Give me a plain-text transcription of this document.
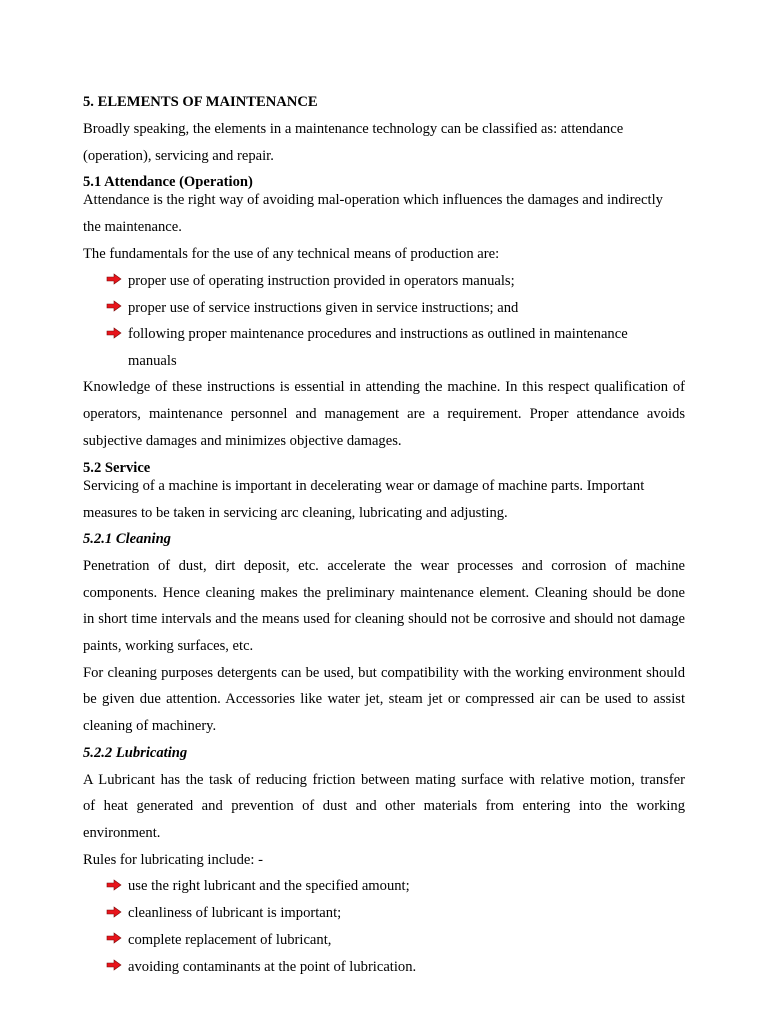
5. ELEMENTS OF MAINTENANCE
Broadly speaking, the elements in a maintenance technology can be classified as: attendance
(operation), servicing and repair.
5.1 Attendance (Operation)
Attendance is the right way of avoiding mal-operation which influences the damages and indirectly
the maintenance.
The fundamentals for the use of any technical means of production are:
proper use of operating instruction provided in operators manuals;
proper use of service instructions given in service instructions; and
following proper maintenance procedures and instructions as outlined in maintenance
manuals
Knowledge of these instructions is essential in attending the machine. In this respect qualification of
operators, maintenance personnel and management are a requirement. Proper attendance avoids
subjective damages and minimizes objective damages.
5.2 Service
Servicing of a machine is important in decelerating wear or damage of machine parts. Important
measures to be taken in servicing arc cleaning, lubricating and adjusting.
5.2.1 Cleaning
Penetration of dust, dirt deposit, etc. accelerate the wear processes and corrosion of machine
components. Hence cleaning makes the preliminary maintenance element. Cleaning should be done
in short time intervals and the means used for cleaning should not be corrosive and should not damage
paints, working surfaces, etc.
For cleaning purposes detergents can be used, but compatibility with the working environment should
be given due attention. Accessories like water jet, steam jet or compressed air can be used to assist
cleaning of machinery.
5.2.2 Lubricating
A Lubricant has the task of reducing friction between mating surface with relative motion, transfer
of heat generated and prevention of dust and other materials from entering into the working
environment.
Rules for lubricating include: -
use the right lubricant and the specified amount;
cleanliness of lubricant is important;
complete replacement of lubricant,
avoiding contaminants at the point of lubrication.
